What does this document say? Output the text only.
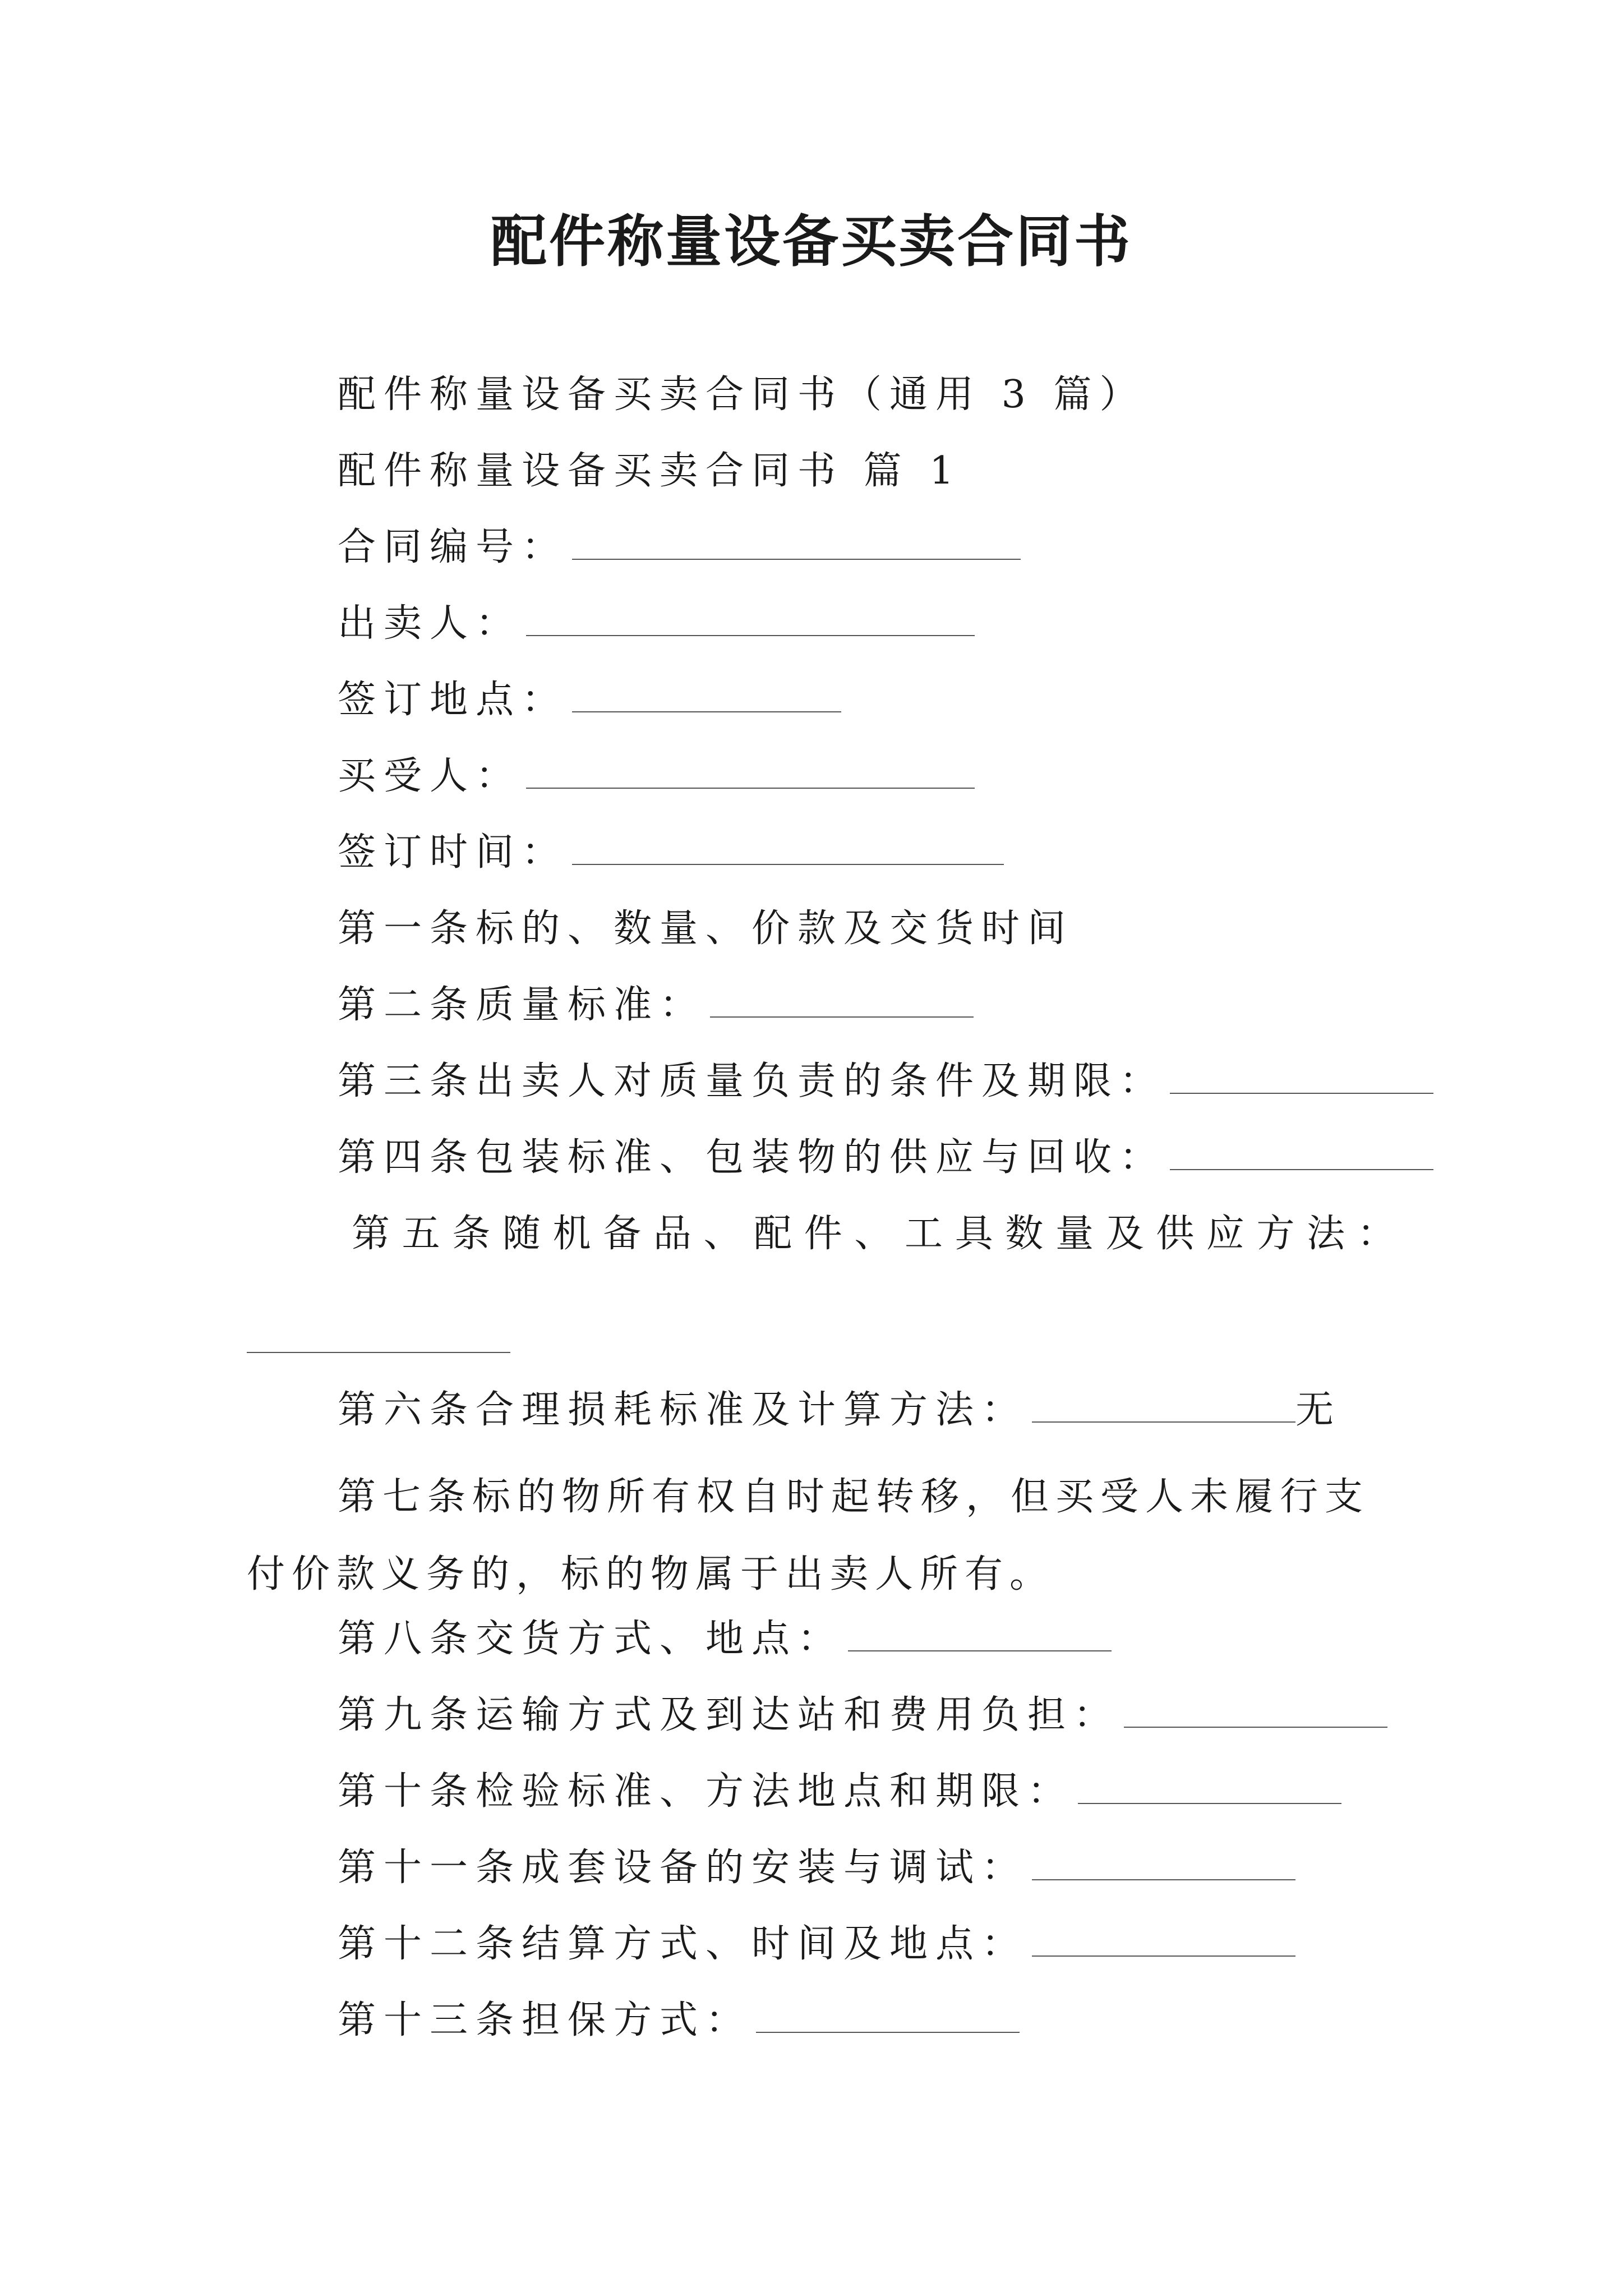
配件称量设备买卖合同书
配件称量设备买卖合同书（通用 3 篇）
配件称量设备买卖合同书 篇 1
合同编号：
出卖人：
签订地点：
买受人：
签订时间：
第一条标的、数量、价款及交货时间
第二条质量标准：
第三条出卖人对质量负责的条件及期限：
第四条包装标准、包装物的供应与回收：
第 五 条 随 机 备 品 、 配 件 、 工 具 数 量 及 供 应 方 法 ：
第六条合理损耗标准及计算方法：	无
第七条标的物所有权自时起转移，但买受人未履行支付价款义务的，标的物属于出卖人所有。
第八条交货方式、地点：
第九条运输方式及到达站和费用负担：
第十条检验标准、方法地点和期限：
第十一条成套设备的安装与调试：
第十二条结算方式、时间及地点：
第十三条担保方式：
